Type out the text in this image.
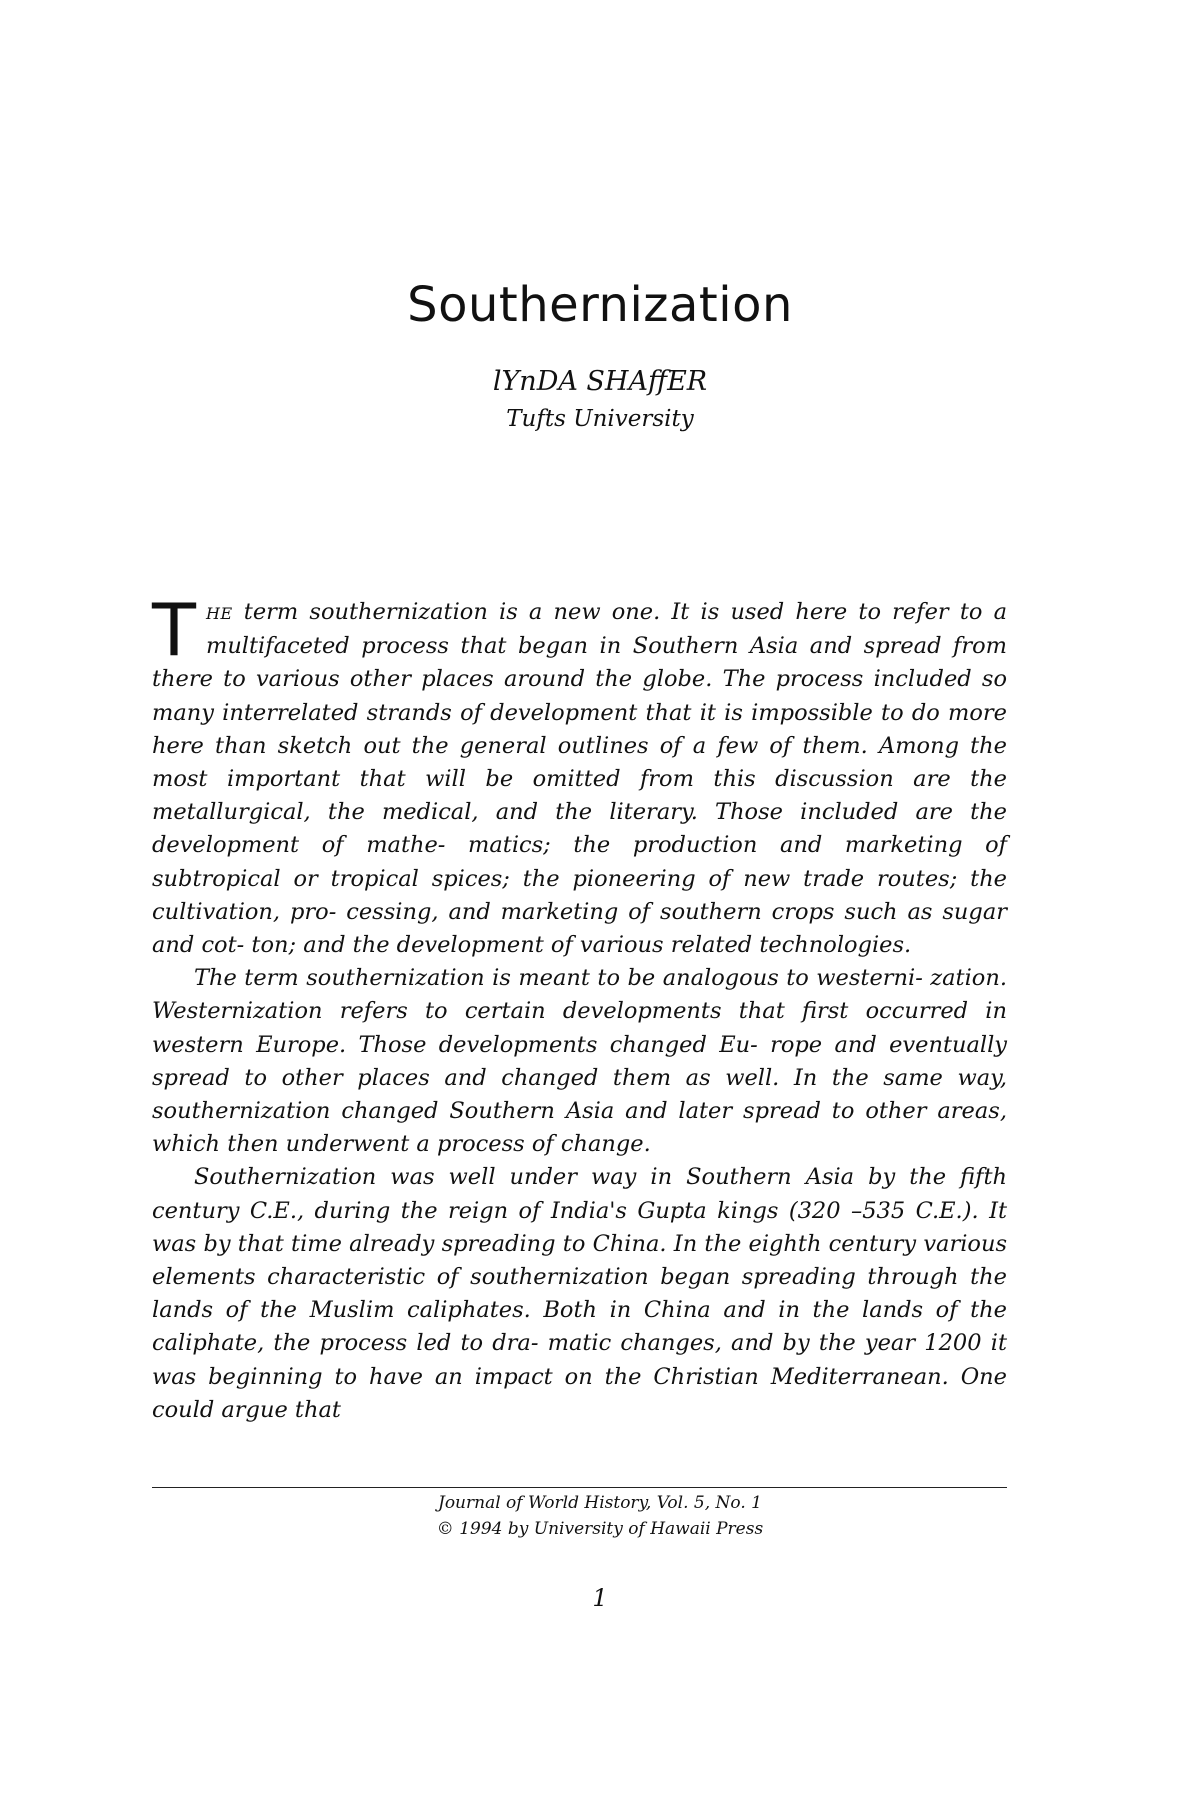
Southernization
lYnDA SHAffER
Tufts University

THE term southernization is a new one. It is used here to refer to a multifaceted process that began in Southern Asia and spread from there to various other places around the globe. The process included so many interrelated strands of development that it is impossible to do more here than sketch out the general outlines of a few of them. Among the most important that will be omitted from this discussion are the metallurgical, the medical, and the literary. Those included are the development of mathe- matics; the production and marketing of subtropical or tropical spices; the pioneering of new trade routes; the cultivation, pro- cessing, and marketing of southern crops such as sugar and cot- ton; and the development of various related technologies.

The term southernization is meant to be analogous to westerni- zation. Westernization refers to certain developments that first occurred in western Europe. Those developments changed Eu- rope and eventually spread to other places and changed them as well. In the same way, southernization changed Southern Asia and later spread to other areas, which then underwent a process of change.

Southernization was well under way in Southern Asia by the fifth century C.E., during the reign of India's Gupta kings (320 –535 C.E.). It was by that time already spreading to China. In the eighth century various elements characteristic of southernization began spreading through the lands of the Muslim caliphates. Both in China and in the lands of the caliphate, the process led to dra- matic changes, and by the year 1200 it was beginning to have an impact on the Christian Mediterranean. One could argue that

Journal of World History, Vol. 5, No. 1
© 1994 by University of Hawaii Press
1
